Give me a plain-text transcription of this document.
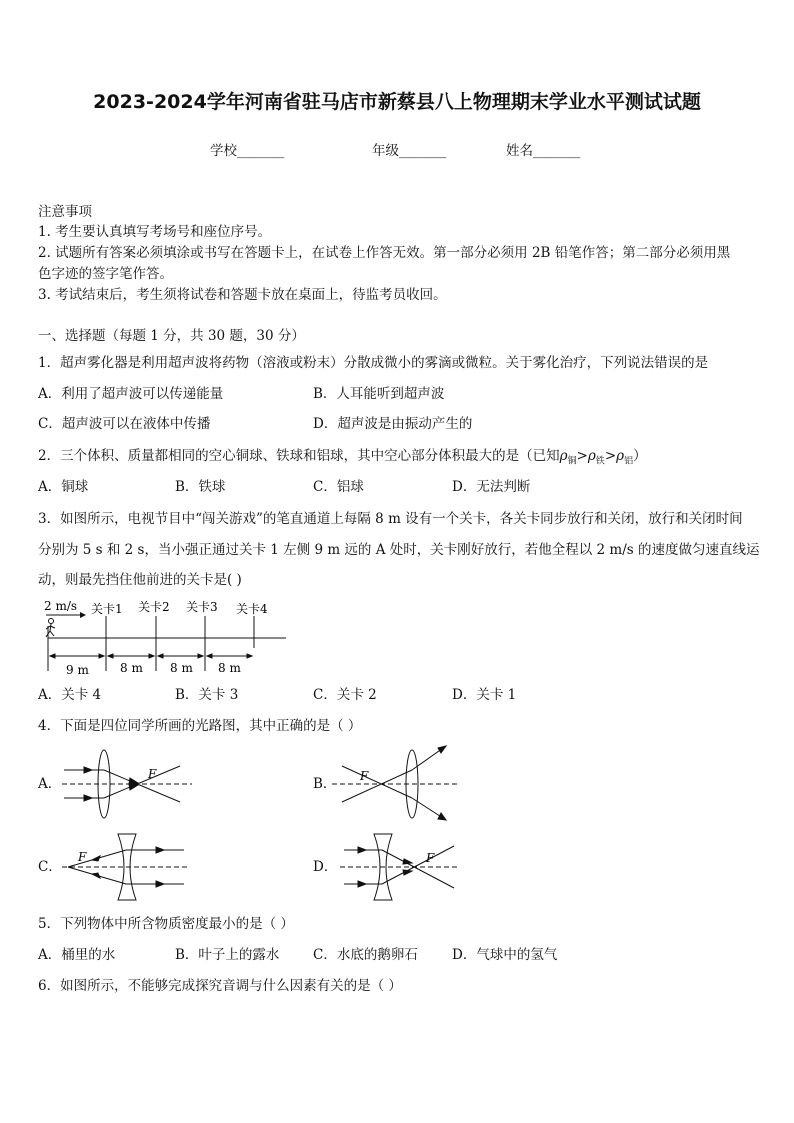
2023-2024学年河南省驻马店市新蔡县八上物理期末学业水平测试试题
学校_______	年级_______	姓名_______
注意事项
1. 考生要认真填写考场号和座位序号。
2. 试题所有答案必须填涂或书写在答题卡上，在试卷上作答无效。第一部分必须用 2B 铅笔作答；第二部分必须用黑
色字迹的签字笔作答。
3. 考试结束后，考生须将试卷和答题卡放在桌面上，待监考员收回。
一、选择题（每题 1 分，共 30 题，30 分）
1．超声雾化器是利用超声波将药物（溶液或粉末）分散成微小的雾滴或微粒。关于雾化治疗，下列说法错误的是
A．利用了超声波可以传递能量	B．人耳能听到超声波
C．超声波可以在液体中传播	D．超声波是由振动产生的
2．三个体积、质量都相同的空心铜球、铁球和铝球，其中空心部分体积最大的是（已知$\rho_铜>\rho_铁>\rho_铝$）
A．铜球	B．铁球	C．铝球	D．无法判断
3．如图所示，电视节目中“闯关游戏”的笔直通道上每隔 8 m 设有一个关卡，各关卡同步放行和关闭，放行和关闭时间
分别为 5 s 和 2 s，当小强正通过关卡 1 左侧 9 m 远的 A 处时，关卡刚好放行，若他全程以 2 m/s 的速度做匀速直线运
动，则最先挡住他前进的关卡是( )
2 m/s 关卡1 关卡2 关卡3 关卡4
9 m	8 m 8 m 8 m
A．关卡 4	B．关卡 3	C．关卡 2	D．关卡 1
4．下面是四位同学所画的光路图，其中正确的是（ ）
A．
F
B． F
C．
F
D．
F
5．下列物体中所含物质密度最小的是（ ）
A．桶里的水	B．叶子上的露水 C．水底的鹅卵石	D．气球中的氢气
6．如图所示，不能够完成探究音调与什么因素有关的是（ ）
